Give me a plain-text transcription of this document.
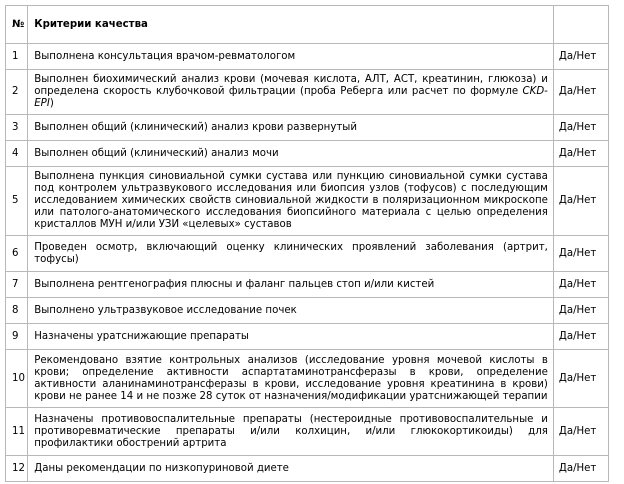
№	Критерии качества	
1	Выполнена консультация врачом-ревматологом	Да/Нет
2	Выполнен биохимический анализ крови (мочевая кислота, АЛТ, АСТ, креатинин, глюкоза) и определена скорость клубочковой фильтрации (проба Реберга или расчет по формуле CKD-EPI)	Да/Нет
3	Выполнен общий (клинический) анализ крови развернутый	Да/Нет
4	Выполнен общий (клинический) анализ мочи	Да/Нет
5	Выполнена пункция синовиальной сумки сустава или пункцию синовиальной сумки сустава под контролем ультразвукового исследования или биопсия узлов (тофусов) с последующим исследованием химических свойств синовиальной жидкости в поляризационном микроскопе или патолого-анатомического исследования биопсийного материала с целью определения кристаллов МУН и/или УЗИ «целевых» суставов	Да/Нет
6	Проведен осмотр, включающий оценку клинических проявлений заболевания (артрит, тофусы)	Да/Нет
7	Выполнена рентгенография плюсны и фаланг пальцев стоп и/или кистей	Да/Нет
8	Выполнено ультразвуковое исследование почек	Да/Нет
9	Назначены уратснижающие препараты	Да/Нет
10	Рекомендовано взятие контрольных анализов (исследование уровня мочевой кислоты в крови; определение активности аспартатаминотрансферазы в крови, определение активности аланинаминотрансферазы в крови, исследование уровня креатинина в крови) крови не ранее 14 и не позже 28 суток от назначения/модификации уратснижающей терапии	Да/Нет
11	Назначены противовоспалительные препараты (нестероидные противовоспалительные и противоревматические препараты и/или колхицин, и/или глюкокортикоиды) для профилактики обострений артрита	Да/Нет
12	Даны рекомендации по низкопуриновой диете	Да/Нет
